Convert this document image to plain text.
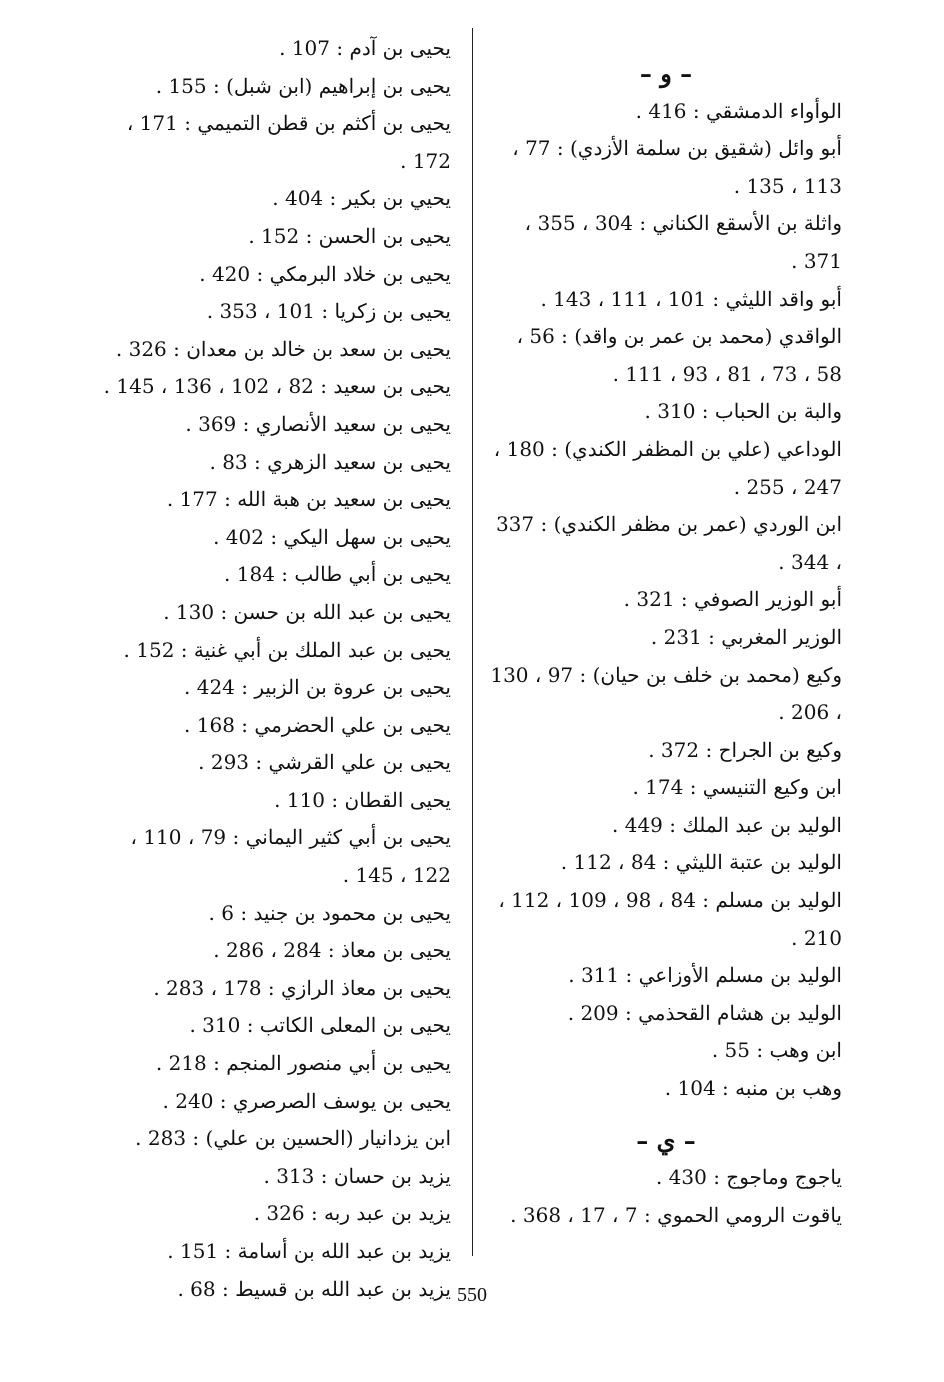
– و –

الوأواء الدمشقي : 416 .

أبو وائل (شقيق بن سلمة الأزدي) : 77 ، 113 ، 135 .

واثلة بن الأسقع الكناني : 304 ، 355 ، 371 .

أبو واقد الليثي : 101 ، 111 ، 143 .

الواقدي (محمد بن عمر بن واقد) : 56 ، 58 ، 73 ، 81 ، 93 ، 111 .

والبة بن الحباب : 310 .

الوداعي (علي بن المظفر الكندي) : 180 ، 247 ، 255 .

ابن الوردي (عمر بن مظفر الكندي) : 337 ، 344 .

أبو الوزير الصوفي : 321 .

الوزير المغربي : 231 .

وكيع (محمد بن خلف بن حيان) : 97 ، 130 ، 206 .

وكيع بن الجراح : 372 .

ابن وكيع التنيسي : 174 .

الوليد بن عبد الملك : 449 .

الوليد بن عتبة الليثي : 84 ، 112 .

الوليد بن مسلم : 84 ، 98 ، 109 ، 112 ، 210 .

الوليد بن مسلم الأوزاعي : 311 .

الوليد بن هشام القحذمي : 209 .

ابن وهب : 55 .

وهب بن منبه : 104 .

– ي –

ياجوج وماجوج : 430 .

ياقوت الرومي الحموي : 7 ، 17 ، 368 .

يحيى بن آدم : 107 .

يحيى بن إبراهيم (ابن شبل) : 155 .

يحيى بن أكثم بن قطن التميمي : 171 ، 172 .

يحيي بن بكير : 404 .

يحيى بن الحسن : 152 .

يحيى بن خلاد البرمكي : 420 .

يحيى بن زكريا : 101 ، 353 .

يحيى بن سعد بن خالد بن معدان : 326 .

يحيى بن سعيد : 82 ، 102 ، 136 ، 145 .

يحيى بن سعيد الأنصاري : 369 .

يحيى بن سعيد الزهري : 83 .

يحيى بن سعيد بن هبة الله : 177 .

يحيى بن سهل اليكي : 402 .

يحيى بن أبي طالب : 184 .

يحيى بن عبد الله بن حسن : 130 .

يحيى بن عبد الملك بن أبي غنية : 152 .

يحيى بن عروة بن الزبير : 424 .

يحيى بن علي الحضرمي : 168 .

يحيى بن علي القرشي : 293 .

يحيى القطان : 110 .

يحيى بن أبي كثير اليماني : 79 ، 110 ، 122 ، 145 .

يحيى بن محمود بن جنيد : 6 .

يحيى بن معاذ : 284 ، 286 .

يحيى بن معاذ الرازي : 178 ، 283 .

يحيى بن المعلى الكاتب : 310 .

يحيى بن أبي منصور المنجم : 218 .

يحيى بن يوسف الصرصري : 240 .

ابن يزدانيار (الحسين بن علي) : 283 .

يزيد بن حسان : 313 .

يزيد بن عبد ربه : 326 .

يزيد بن عبد الله بن أسامة : 151 .

يزيد بن عبد الله بن قسيط : 68 . 550
